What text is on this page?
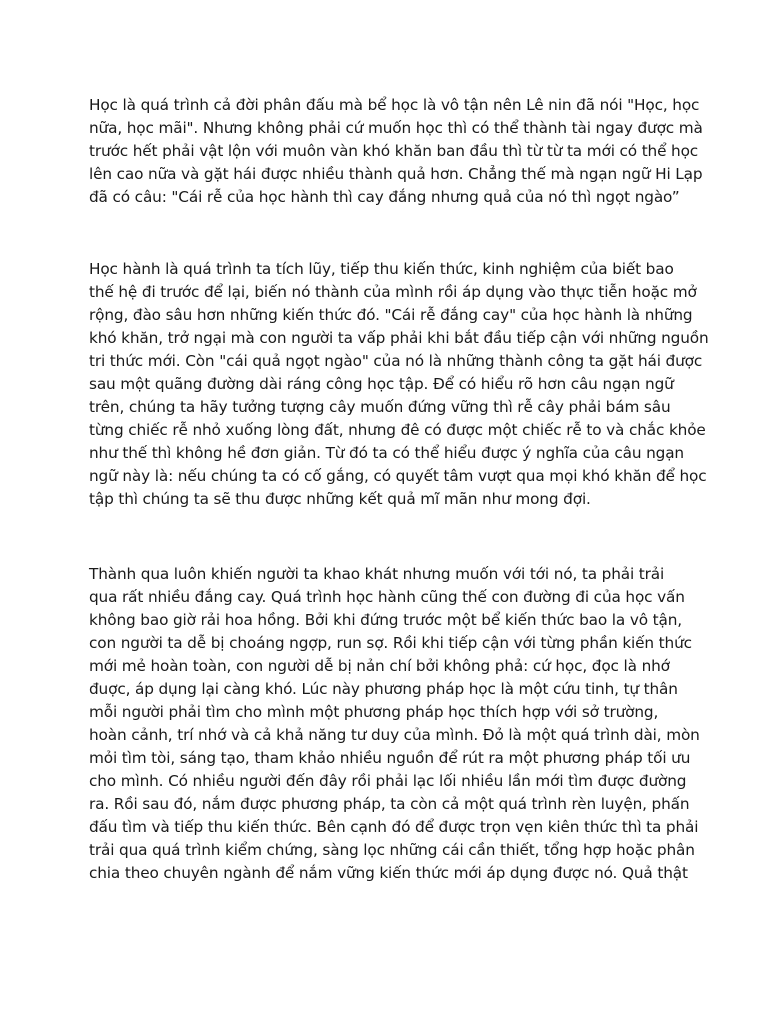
Học là quá trình cả đời phân đấu mà bể học là vô tận nên Lê nin đã nói "Học, học
nữa, học mãi". Nhưng không phải cứ muốn học thì có thể thành tài ngay được mà
trước hết phải vật lộn với muôn vàn khó khăn ban đầu thì từ từ ta mới có thể học
lên cao nữa và gặt hái được nhiều thành quả hơn. Chẳng thế mà ngạn ngữ Hi Lạp
đã có câu: "Cái rễ của học hành thì cay đắng nhưng quả của nó thì ngọt ngào”
Học hành là quá trình ta tích lũy, tiếp thu kiến thức, kinh nghiệm của biết bao
thế hệ đi trước để lại, biến nó thành của mình rồi áp dụng vào thực tiễn hoặc mở
rộng, đào sâu hơn những kiến thức đó. "Cái rễ đắng cay" của học hành là những
khó khăn, trở ngại mà con người ta vấp phải khi bắt đầu tiếp cận với những nguồn
tri thức mới. Còn "cái quả ngọt ngào" của nó là những thành công ta gặt hái được
sau một quãng đường dài ráng công học tập. Để có hiểu rõ hơn câu ngạn ngữ
trên, chúng ta hãy tưởng tượng cây muốn đứng vững thì rễ cây phải bám sâu
từng chiếc rễ nhỏ xuống lòng đất, nhưng đê có được một chiếc rễ to và chắc khỏe
như thế thì không hề đơn giản. Từ đó ta có thể hiểu được ý nghĩa của câu ngạn
ngữ này là: nếu chúng ta có cố gắng, có quyết tâm vượt qua mọi khó khăn để học
tập thì chúng ta sẽ thu được những kết quả mĩ mãn như mong đợi.
Thành qua luôn khiến người ta khao khát nhưng muốn với tới nó, ta phải trải
qua rất nhiều đắng cay. Quá trình học hành cũng thế con đường đi của học vấn
không bao giờ rải hoa hồng. Bởi khi đứng trước một bể kiến thức bao la vô tận,
con người ta dễ bị choáng ngợp, run sợ. Rồi khi tiếp cận với từng phần kiến thức
mới mẻ hoàn toàn, con người dễ bị nản chí bởi không phả: cứ học, đọc là nhớ
đuợc, áp dụng lại càng khó. Lúc này phương pháp học là một cứu tinh, tự thân
mỗi người phải tìm cho mình một phương pháp học thích hợp với sở trường,
hoàn cảnh, trí nhớ và cả khả năng tư duy của mình. Đỏ là một quá trình dài, mòn
mỏi tìm tòi, sáng tạo, tham khảo nhiều nguồn để rút ra một phương pháp tối ưu
cho mình. Có nhiều người đến đây rồi phải lạc lối nhiều lần mới tìm được đường
ra. Rồi sau đó, nắm được phương pháp, ta còn cả một quá trình rèn luyện, phấn
đấu tìm và tiếp thu kiến thức. Bên cạnh đó để được trọn vẹn kiên thức thì ta phải
trải qua quá trình kiểm chứng, sàng lọc những cái cần thiết, tổng hợp hoặc phân
chia theo chuyên ngành để nắm vững kiến thức mới áp dụng được nó. Quả thật
